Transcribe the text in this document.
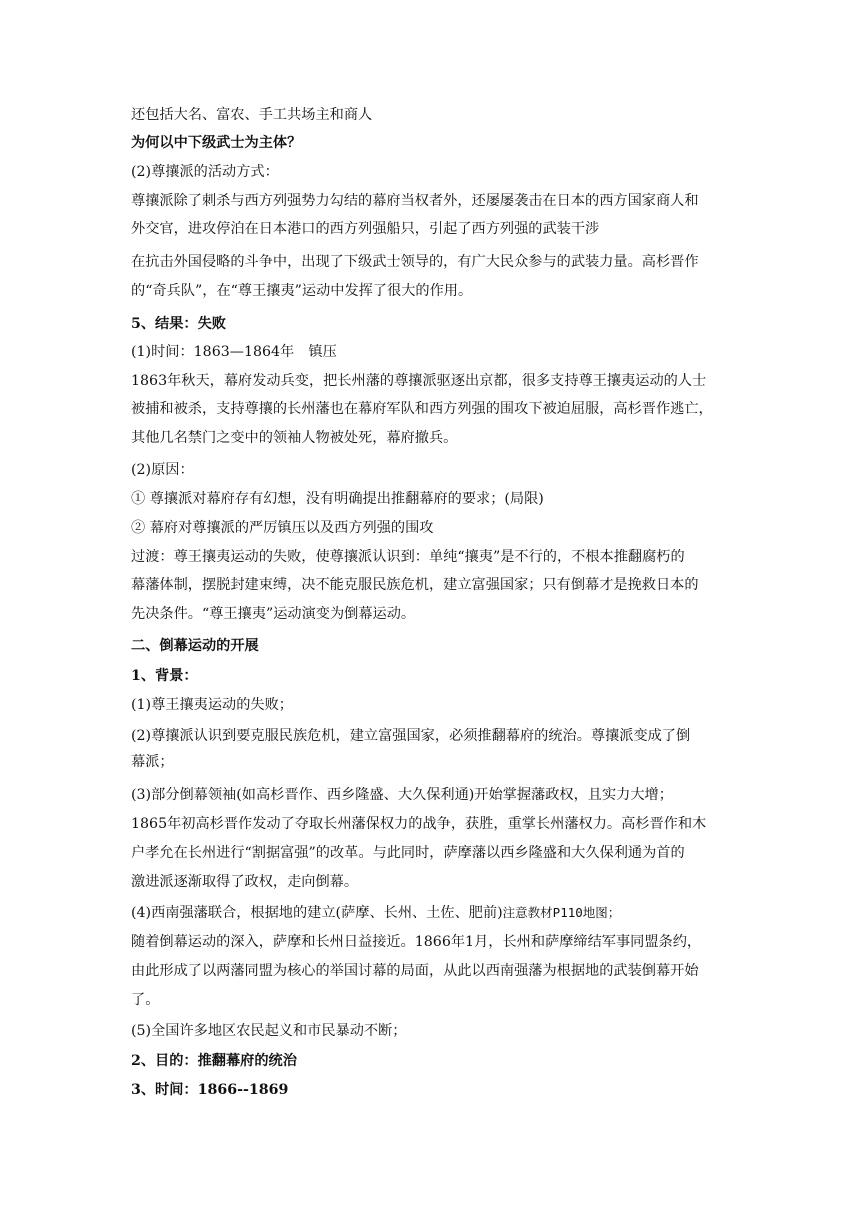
还包括大名、富农、手工共场主和商人
为何以中下级武士为主体？
(2)尊攘派的活动方式：
尊攘派除了刺杀与西方列强势力勾结的幕府当权者外，还屡屡袭击在日本的西方国家商人和
外交官，进攻停泊在日本港口的西方列强船只，引起了西方列强的武装干涉
在抗击外国侵略的斗争中，出现了下级武士领导的，有广大民众参与的武装力量。高杉晋作
的“奇兵队”，在“尊王攘夷”运动中发挥了很大的作用。
5、结果：失败
(1)时间：1863—1864年　镇压
1863年秋天，幕府发动兵变，把长州藩的尊攘派驱逐出京都，很多支持尊王攘夷运动的人士
被捕和被杀，支持尊攘的长州藩也在幕府军队和西方列强的围攻下被迫屈服，高杉晋作逃亡，
其他几名禁门之变中的领袖人物被处死，幕府撤兵。
(2)原因：
① 尊攘派对幕府存有幻想，没有明确提出推翻幕府的要求；(局限)
② 幕府对尊攘派的严厉镇压以及西方列强的围攻
过渡：尊王攘夷运动的失败，使尊攘派认识到：单纯“攘夷”是不行的，不根本推翻腐朽的
幕藩体制，摆脱封建束缚，决不能克服民族危机，建立富强国家；只有倒幕才是挽救日本的
先决条件。“尊王攘夷”运动演变为倒幕运动。
二、倒幕运动的开展
1、背景：
(1)尊王攘夷运动的失败；
(2)尊攘派认识到要克服民族危机，建立富强国家，必须推翻幕府的统治。尊攘派变成了倒
幕派；
(3)部分倒幕领袖(如高杉晋作、西乡隆盛、大久保利通)开始掌握藩政权，且实力大增；
1865年初高杉晋作发动了夺取长州藩保权力的战争，获胜，重掌长州藩权力。高杉晋作和木
户孝允在长州进行“割据富强”的改革。与此同时，萨摩藩以西乡隆盛和大久保利通为首的
激进派逐渐取得了政权，走向倒幕。
(4)西南强藩联合，根据地的建立(萨摩、长州、土佐、肥前)注意教材P110地图；
随着倒幕运动的深入，萨摩和长州日益接近。1866年1月，长州和萨摩缔结军事同盟条约，
由此形成了以两藩同盟为核心的举国讨幕的局面，从此以西南强藩为根据地的武装倒幕开始
了。
(5)全国许多地区农民起义和市民暴动不断；
2、目的：推翻幕府的统治
3、时间：1866--1869
